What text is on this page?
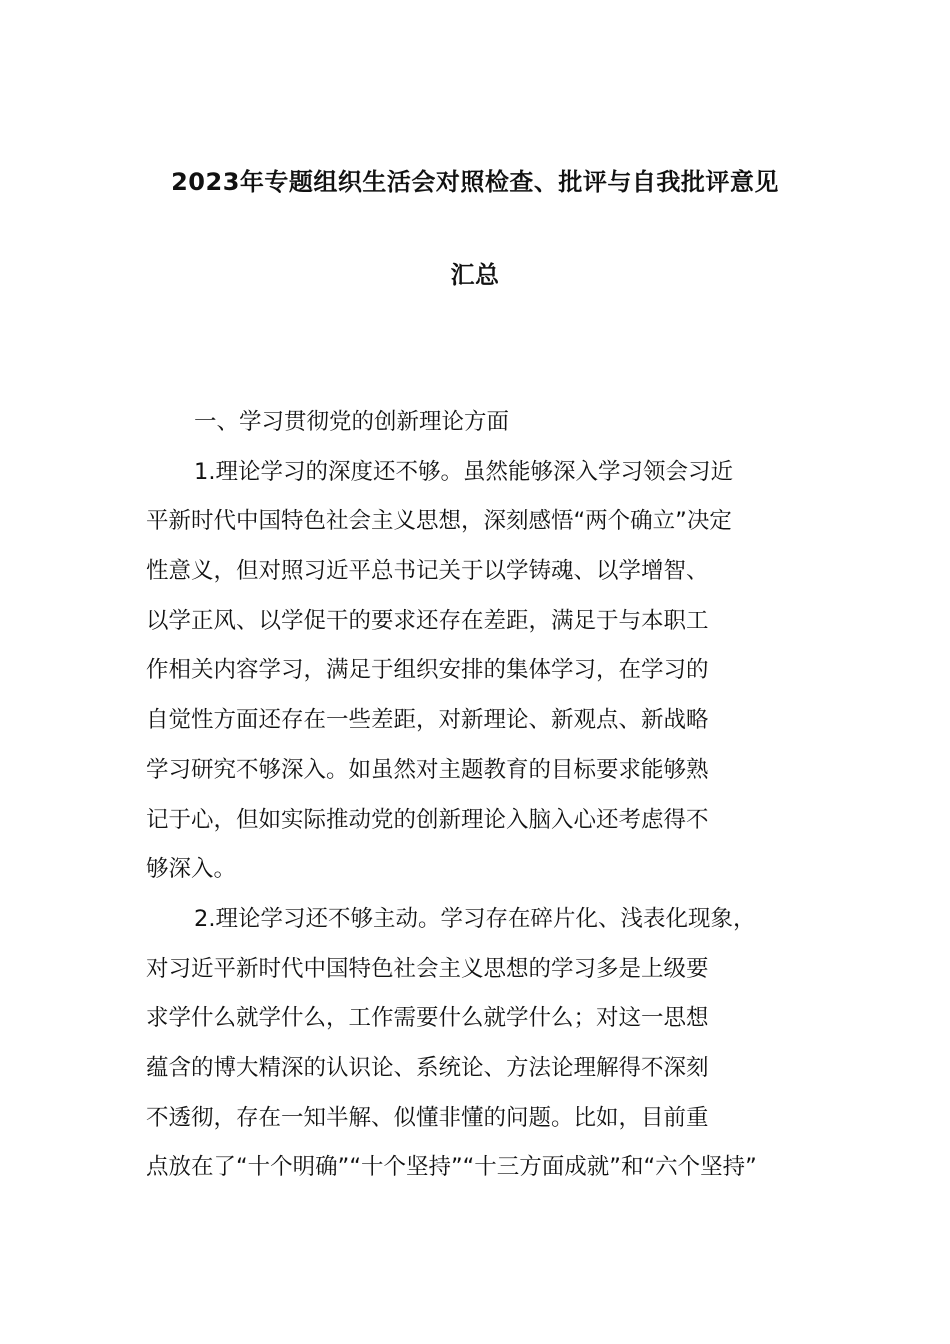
2023年专题组织生活会对照检查、批评与自我批评意见
汇总
一、学习贯彻党的创新理论方面
1.理论学习的深度还不够。虽然能够深入学习领会习近
平新时代中国特色社会主义思想，深刻感悟“两个确立”决定
性意义，但对照习近平总书记关于以学铸魂、以学增智、
以学正风、以学促干的要求还存在差距，满足于与本职工
作相关内容学习，满足于组织安排的集体学习，在学习的
自觉性方面还存在一些差距，对新理论、新观点、新战略
学习研究不够深入。如虽然对主题教育的目标要求能够熟
记于心，但如实际推动党的创新理论入脑入心还考虑得不
够深入。
2.理论学习还不够主动。学习存在碎片化、浅表化现象，
对习近平新时代中国特色社会主义思想的学习多是上级要
求学什么就学什么，工作需要什么就学什么；对这一思想
蕴含的博大精深的认识论、系统论、方法论理解得不深刻
不透彻，存在一知半解、似懂非懂的问题。比如，目前重
点放在了“十个明确”“十个坚持”“十三方面成就”和“六个坚持”
